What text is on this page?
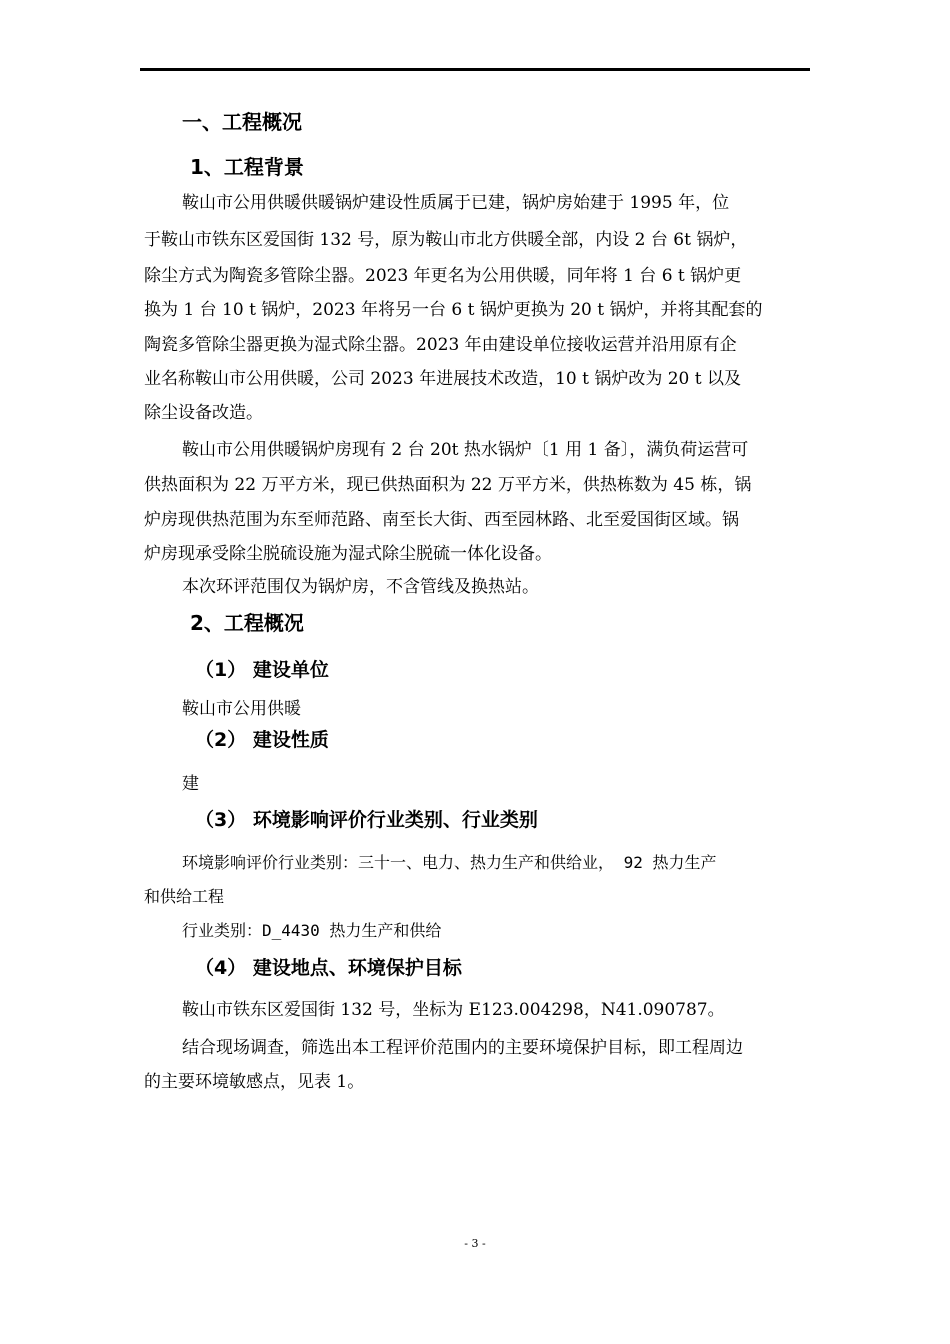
一、工程概况
1、工程背景
鞍山市公用供暖供暖锅炉建设性质属于已建，锅炉房始建于 1995 年，位
于鞍山市铁东区爱国街 132 号，原为鞍山市北方供暖全部，内设 2 台 6t 锅炉，
除尘方式为陶瓷多管除尘器。2023 年更名为公用供暖，同年将 1 台 6 t 锅炉更
换为 1 台 10 t 锅炉，2023 年将另一台 6 t 锅炉更换为 20 t 锅炉，并将其配套的
陶瓷多管除尘器更换为湿式除尘器。2023 年由建设单位接收运营并沿用原有企
业名称鞍山市公用供暖，公司 2023 年进展技术改造，10 t 锅炉改为 20 t 以及
除尘设备改造。
鞍山市公用供暖锅炉房现有 2 台 20t 热水锅炉〔1 用 1 备〕，满负荷运营可
供热面积为 22 万平方米，现已供热面积为 22 万平方米，供热栋数为 45 栋，锅
炉房现供热范围为东至师范路、南至长大街、西至园林路、北至爱国街区域。锅
炉房现承受除尘脱硫设施为湿式除尘脱硫一体化设备。
本次环评范围仅为锅炉房，不含管线及换热站。
2、工程概况
（1） 建设单位
鞍山市公用供暖
（2） 建设性质
建
（3） 环境影响评价行业类别、行业类别
环境影响评价行业类别：三十一、电力、热力生产和供给业， 92 热力生产
和供给工程
行业类别：D_4430 热力生产和供给
（4） 建设地点、环境保护目标
鞍山市铁东区爱国街 132 号，坐标为 E123.004298，N41.090787。
结合现场调查，筛选出本工程评价范围内的主要环境保护目标，即工程周边
的主要环境敏感点，见表 1。
- 3 -
